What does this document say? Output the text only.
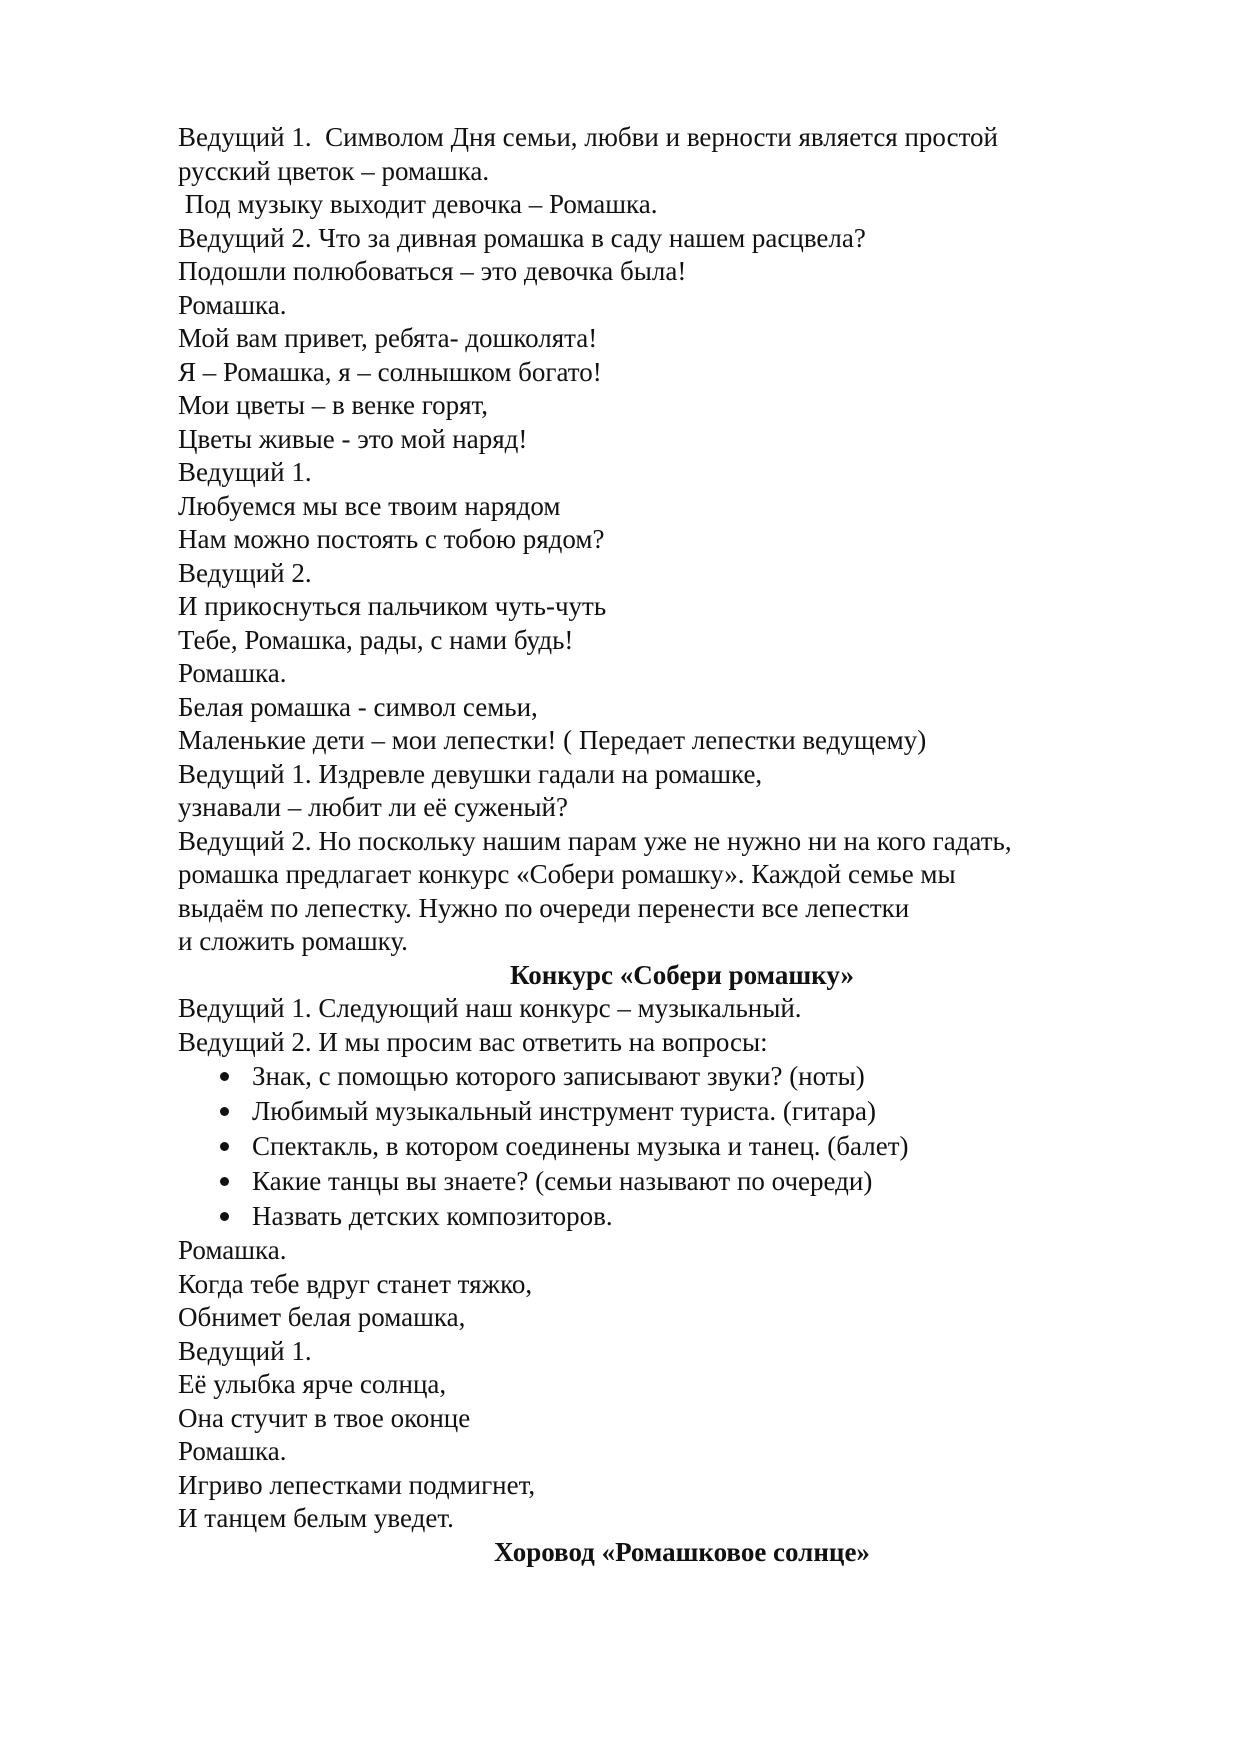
Ведущий 1.  Символом Дня семьи, любви и верности является простой

русский цветок – ромашка.

Под музыку выходит девочка – Ромашка.

Ведущий 2. Что за дивная ромашка в саду нашем расцвела?

Подошли полюбоваться – это девочка была!

Ромашка.

Мой вам привет, ребята- дошколята!

Я – Ромашка, я – солнышком богато!

Мои цветы – в венке горят,

Цветы живые - это мой наряд!

Ведущий 1.

Любуемся мы все твоим нарядом

Нам можно постоять с тобою рядом?

Ведущий 2.

И прикоснуться пальчиком чуть-чуть

Тебе, Ромашка, рады, с нами будь!

Ромашка.

Белая ромашка - символ семьи,

Маленькие дети – мои лепестки! ( Передает лепестки ведущему)

Ведущий 1. Издревле девушки гадали на ромашке,

узнавали – любит ли её суженый?

Ведущий 2. Но поскольку нашим парам уже не нужно ни на кого гадать,

ромашка предлагает конкурс «Собери ромашку». Каждой семье мы

выдаём по лепестку. Нужно по очереди перенести все лепестки

и сложить ромашку.

Конкурс «Собери ромашку»

Ведущий 1. Следующий наш конкурс – музыкальный.

Ведущий 2. И мы просим вас ответить на вопросы:

Знак, с помощью которого записывают звуки? (ноты)
Любимый музыкальный инструмент туриста. (гитара)
Спектакль, в котором соединены музыка и танец. (балет)
Какие танцы вы знаете? (семьи называют по очереди)
Назвать детских композиторов.

Ромашка.

Когда тебе вдруг станет тяжко,

Обнимет белая ромашка,

Ведущий 1.

Её улыбка ярче солнца,

Она стучит в твое оконце

Ромашка.

Игриво лепестками подмигнет,

И танцем белым уведет.

Хоровод «Ромашковое солнце»
